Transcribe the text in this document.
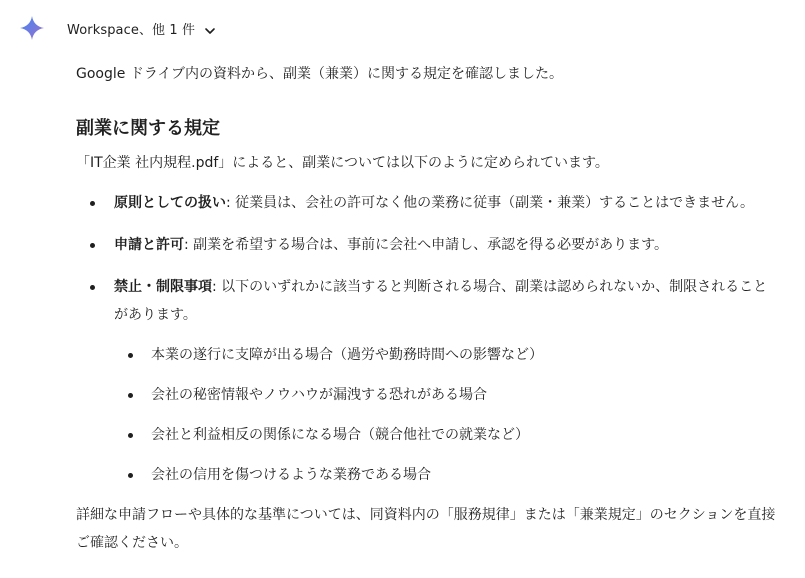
Workspace、他 1 件
Google ドライブ内の資料から、副業（兼業）に関する規定を確認しました。
副業に関する規定
「IT企業 社内規程.pdf」によると、副業については以下のように定められています。
原則としての扱い: 従業員は、会社の許可なく他の業務に従事（副業・兼業）することはできません。
申請と許可: 副業を希望する場合は、事前に会社へ申請し、承認を得る必要があります。
禁止・制限事項: 以下のいずれかに該当すると判断される場合、副業は認められないか、制限されることがあります。
本業の遂行に支障が出る場合（過労や勤務時間への影響など）
会社の秘密情報やノウハウが漏洩する恐れがある場合
会社と利益相反の関係になる場合（競合他社での就業など）
会社の信用を傷つけるような業務である場合
詳細な申請フローや具体的な基準については、同資料内の「服務規律」または「兼業規定」のセクションを直接ご確認ください。
